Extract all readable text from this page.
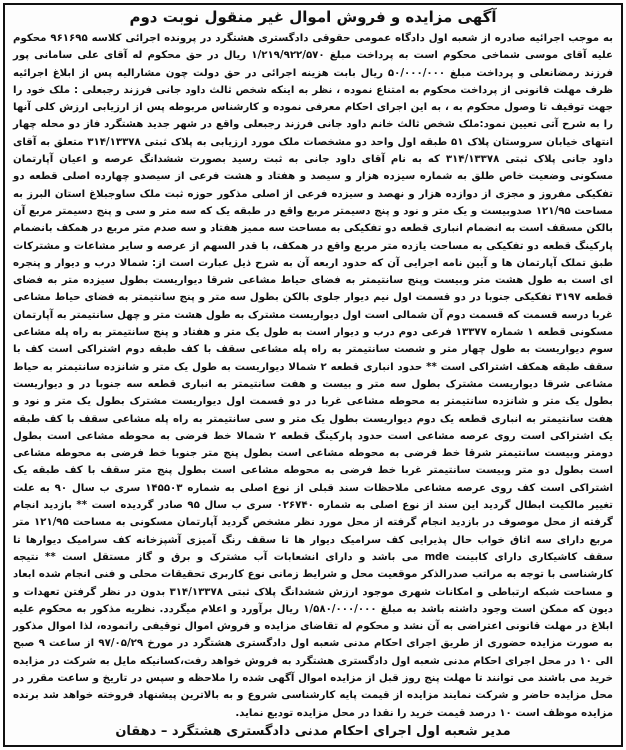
آگهی مزایده و فروش اموال غیر منقول نوبت دوم
به موجب اجرائیه صادره از شعبه اول دادگاه عمومی حقوقی دادگستری هشتگرد در پرونده اجرائی کلاسه ۹۶۱۶۹۵ محکوم علیه آقای موسی شماخی محکوم است به پرداخت مبلغ ۱/۲۱۹/۹۲۲/۵۷۰ ریال در حق محکوم له آقای علی سامانی پور فرزند رمضانعلی و پرداخت مبلغ ۵۰/۰۰۰/۰۰۰ ریال بابت هزینه اجرائی در حق دولت چون مشارالیه پس از ابلاغ اجرائیه ظرف مهلت قانونی از پرداخت محکوم به امتناع نموده ، نظر به اینکه شخص ثالث داود جانی فرزند رجبعلی : ملک خود را جهت توقیف تا وصول محکوم به ، به این اجرای احکام معرفی نموده و کارشناس مربوطه پس از ارزیابی ارزش کلی آنها را به شرح آتی تعیین نمود:ملک شخص ثالث خانم داود جانی فرزند رجبعلی واقع در شهر جدید هشتگرد فاز دو محله چهار انتهای خیابان سروستان پلاک ۵۱ طبقه اول واحد دو مشخصات ملک مورد ارزیابی به پلاک ثبتی ۳۱۴/۱۳۳۷۸ متعلق به آقای داود جانی پلاک ثبتی ۳۱۴/۱۳۳۷۸ که به نام آقای داود جانی به ثبت رسید بصورت ششدانگ عرصه و اعیان آپارتمان مسکونی وضعیت خاص طلق به شماره سیزده هزار و سیصد و هفتاد و هشت فرعی از سیصدو چهارده اصلی قطعه دو تفکیکی مفروز و مجزی از دوازده هزار و نهصد و سیزده فرعی از اصلی مذکور حوزه ثبت ملک ساوجبلاغ استان البرز به مساحت ۱۲۱/۹۵ صدوبیست و یک متر و نود و پنج دسیمتر مربع واقع در طبقه یک که سه متر و سی و پنج دسیمتر مربع آن بالکن مسقف است به انضمام انباری قطعه دو تفکیکی به مساحت سه ممیز هفتاد و سه صدم متر مربع در همکف بانضمام پارکینگ قطعه دو تفکیکی به مساحت یازده متر مربع واقع در همکف، با قدر السهم از عرصه و سایر مشاعات و مشترکات طبق تملک آپارتمان ها و آیین نامه اجرایی آن که حدود اربعه آن به شرح ذیل عبارت است از: شمالا درب و دیوار و پنجره ای است به طول هشت متر وبیست وپنج سانتیمتر به فضای حیاط مشاعی شرقا دیواریست بطول سیزده متر به فضای قطعه ۳۱۹۷ تفکیکی جنوبا در دو قسمت اول نیم دیوار جلوی بالکن بطول سه متر و پنج سانتیمتر به فضای حیاط مشاعی غربا درسه قسمت که قسمت دوم آن شمالی است اول دیواریست مشترک به طول هشت متر و چهل سانتیمتر به آپارتمان مسکونی قطعه ۱ شماره ۱۳۳۷۷ فرعی دوم درب و دیوار است به طول یک متر و هفتاد و پنج سانتیمتر به راه پله مشاعی سوم دیواریست به طول چهار متر و شصت سانتیمتر به راه پله مشاعی سقف با کف طبقه دوم اشتراکی است کف با سقف طبقه همکف اشتراکی است ** حدود انباری قطعه ۲ شمالا دیواریست به طول یک متر و شانزده سانتیمتر به حیاط مشاعی شرقا دیواریست مشترک بطول سه متر و بیست و هفت سانتیمتر به انباری قطعه سه جنوبا در و دیواریست بطول یک متر و شانزده سانتیمتر به محوطه مشاعی غربا در دو قسمت اول دیواریست مشترک بطول یک متر و نود و هفت سانتیمتر به انباری قطعه یک دوم دیواریست بطول یک متر و سی سانتیمتر به راه پله مشاعی سقف با کف طبقه یک اشتراکی است روی عرصه مشاعی است حدود پارکینگ قطعه ۲ شمالا خط فرضی به محوطه مشاعی است بطول دومتر وبیست سانتیمتر شرقا خط فرضی به محوطه مشاعی است بطول پنج متر جنوبا خط فرضی به محوطه مشاعی است بطول دو متر وبیست سانتیمتر غربا خط فرضی به محوطه مشاعی است بطول پنج متر سقف با کف طبقه یک اشتراکی است کف روی عرصه مشاعی ملاحظات سند قبلی از نوع اصلی به شماره ۱۴۵۵۰۳ سری ب سال ۹۰ به علت تغییر مالکیت ابطال گردید این سند از نوع اصلی به شماره ۰۲۶۷۴۰ سری ب سال ۹۵ صادر گردیده است ** بازدید انجام گرفته از محل موصوف در بازدید انجام گرفته از محل مورد نظر مشخص گردید آپارتمان مسکونی به مساحت ۱۲۱/۹۵ متر مربع دارای سه اتاق خواب حال پذیرایی کف سرامیک دیوار ها تا سقف رنگ آمیزی آشپزخانه کف سرامیک دیوارها تا سقف کاشیکاری دارای کابینت mde می باشد و دارای انشعابات آب مشترک و برق و گاز مستقل است ** نتیجه کارشناسی با توجه به مراتب صدرالذکر موقعیت محل و شرایط زمانی نوع کاربری تحقیقات محلی و فنی انجام شده ابعاد و مساحت شبکه ارتباطی و امکانات شهری موجود ارزش ششدانگ پلاک ثبتی ۳۱۴/۱۳۳۷۸ بدون در نظر گرفتن تعهدات و دیون که ممکن است وجود داشته باشد به مبلغ ۱/۵۸۰/۰۰۰/۰۰۰ ریال برآورد و اعلام میگردد. نظریه مذکور به محکوم علیه ابلاغ در مهلت قانونی اعتراضی به آن نشد و محکوم له تقاضای مزایده و فروش اموال توقیفی رانموده، لذا اموال مذکور به صورت مزایده حضوری از طریق اجرای احکام مدنی شعبه اول دادگستری هشتگرد در مورخ ۹۷/۰۵/۲۹ از ساعت ۹ صبح الی ۱۰ در محل اجرای احکام مدنی شعبه اول دادگستری هشتگرد به فروش خواهد رفت،کسانیکه مایل به شرکت در مزایده خرید می باشند می توانند تا مهلت پنج روز قبل از مزایده اموال آگهی شده را ملاحظه و سپس در تاریخ و ساعت مقرر در محل مزایده حاضر و شرکت نمایند مزایده از قیمت پایه کارشناسی شروع و به بالاترین پیشنهاد فروخته خواهد شد برنده مزایده موظف است ۱۰ درصد قیمت خرید را نقدا در محل مزایده تودیع نماید.
مدیر شعبه اول اجرای احکام مدنی دادگستری هشتگرد – دهقان
